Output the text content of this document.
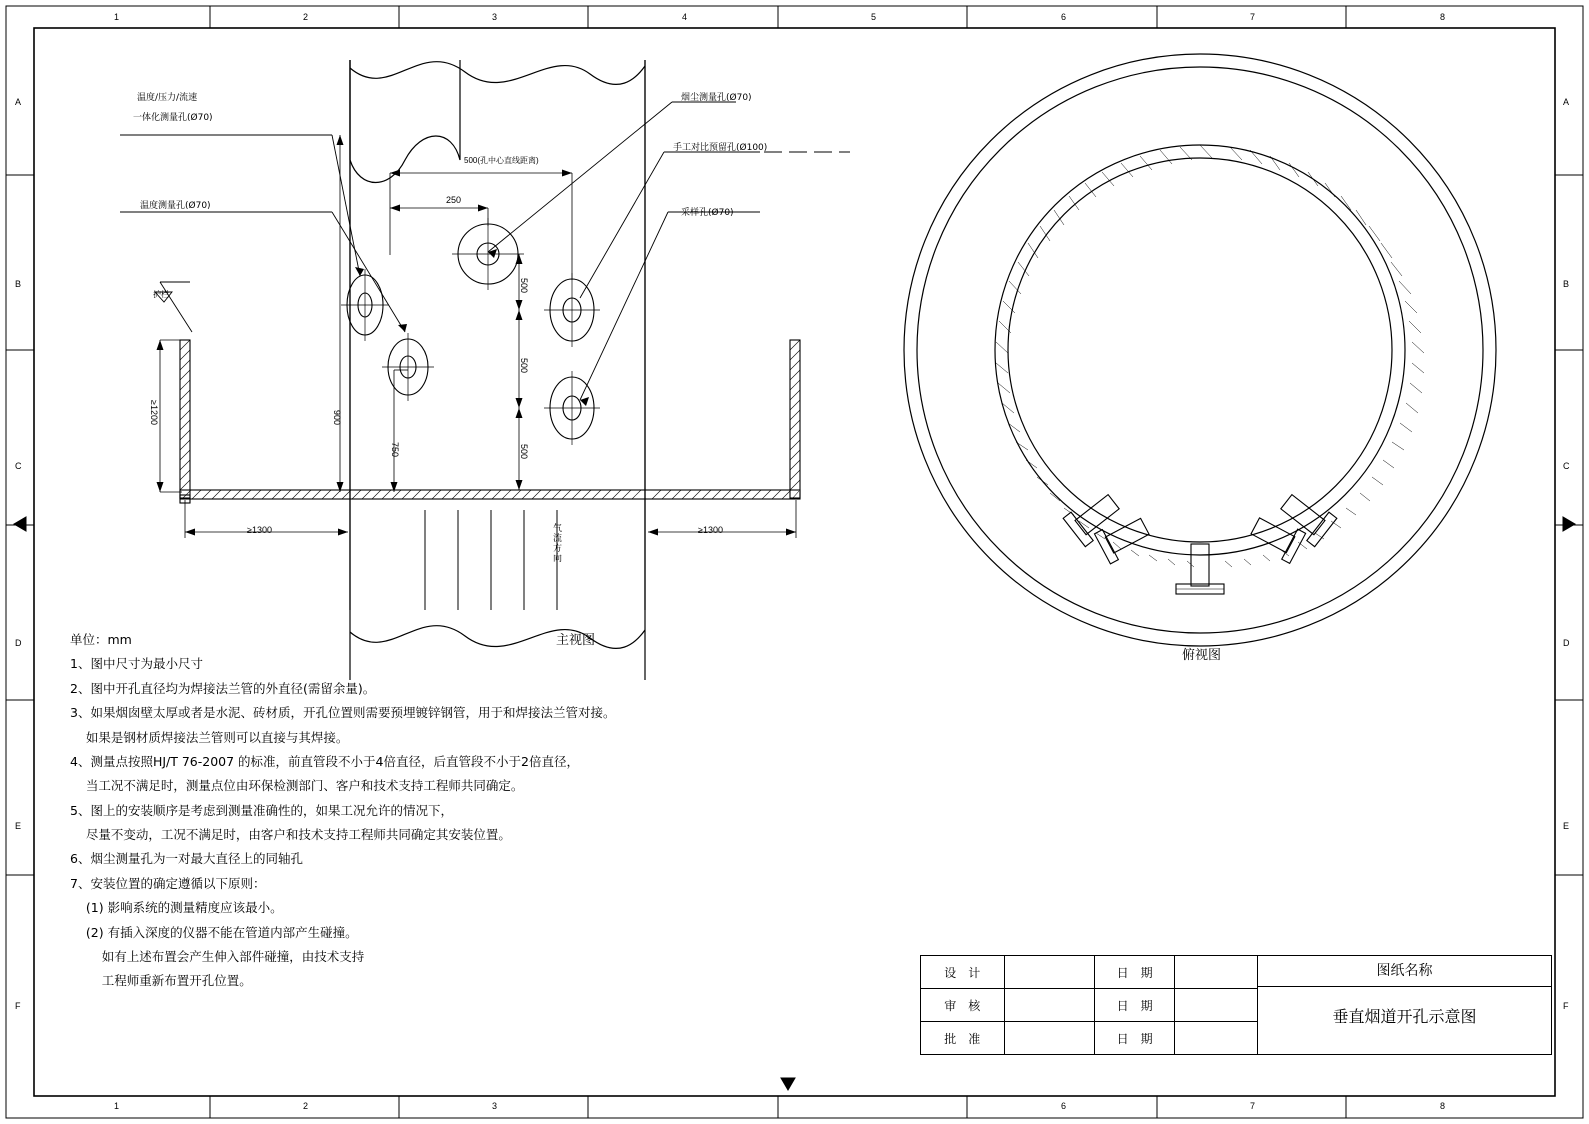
1	2	3	4	5	6	7	8
1	2	3	6	7	8
A
B
C
D
E
F
A
B
C
D
E
F
温度/压力/流速
一体化测量孔(Ø70)
温度测量孔(Ø70)
烟尘测量孔(Ø70)
手工对比预留孔(Ø100)
采样孔(Ø70)
护栏
气流方向
主视图
500(孔中心直线距离)
250
500
500
500
900
750
≥1200
≥1300	≥1300
俯视图
单位：mm
1、图中尺寸为最小尺寸
2、图中开孔直径均为焊接法兰管的外直径(需留余量)。
3、如果烟囱壁太厚或者是水泥、砖材质，开孔位置则需要预埋镀锌钢管，用于和焊接法兰管对接。
如果是钢材质焊接法兰管则可以直接与其焊接。
4、测量点按照HJ/T 76-2007 的标准，前直管段不小于4倍直径，后直管段不小于2倍直径，
当工况不满足时，测量点位由环保检测部门、客户和技术支持工程师共同确定。
5、图上的安装顺序是考虑到测量准确性的，如果工况允许的情况下，
尽量不变动，工况不满足时，由客户和技术支持工程师共同确定其安装位置。
6、烟尘测量孔为一对最大直径上的同轴孔
7、安装位置的确定遵循以下原则：
(1) 影响系统的测量精度应该最小。
(2) 有插入深度的仪器不能在管道内部产生碰撞。
如有上述布置会产生伸入部件碰撞，由技术支持
工程师重新布置开孔位置。
设　计		日　期		图纸名称
垂直烟道开孔示意图

审　核		日　期		
批　准		日　期		
